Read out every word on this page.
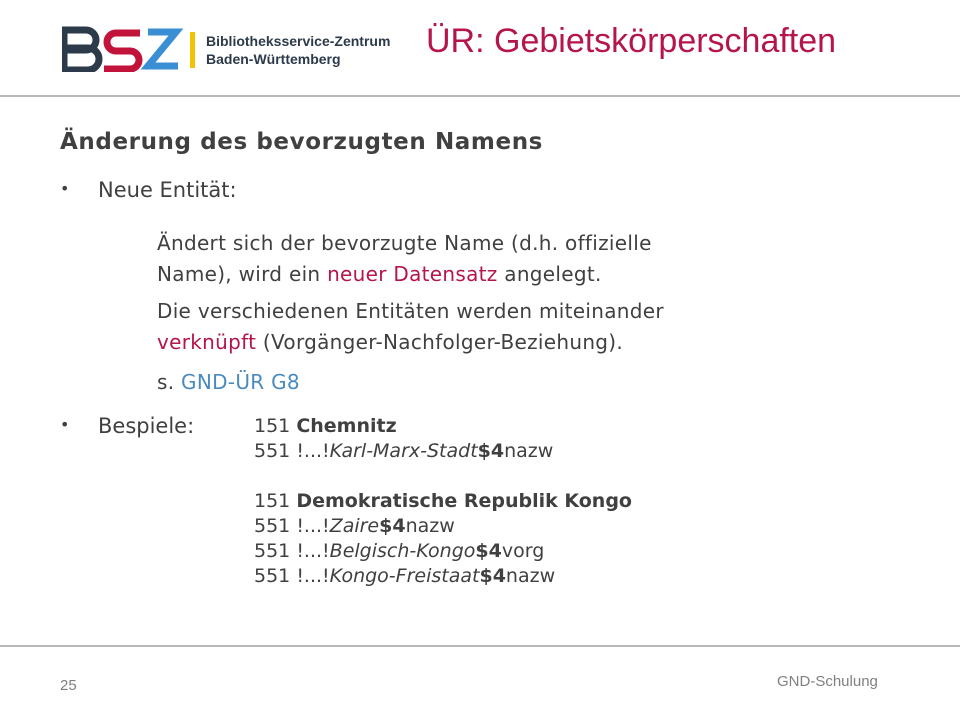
Bibliotheksservice-Zentrum
Baden-Württemberg	ÜR: Gebietskörperschaften
Änderung des bevorzugten Namens
• Neue Entität:
Ändert sich der bevorzugte Name (d.h. offizielle
Name), wird ein neuer Datensatz angelegt.
Die verschiedenen Entitäten werden miteinander
verknüpft (Vorgänger-Nachfolger-Beziehung).
s. GND-ÜR G8
• Bespiele:	151 Chemnitz
551 !...!Karl-Marx-Stadt$4nazw
151 Demokratische Republik Kongo
551 !...!Zaire$4nazw
551 !...!Belgisch-Kongo$4vorg
551 !...!Kongo-Freistaat$4nazw
25	GND-Schulung
